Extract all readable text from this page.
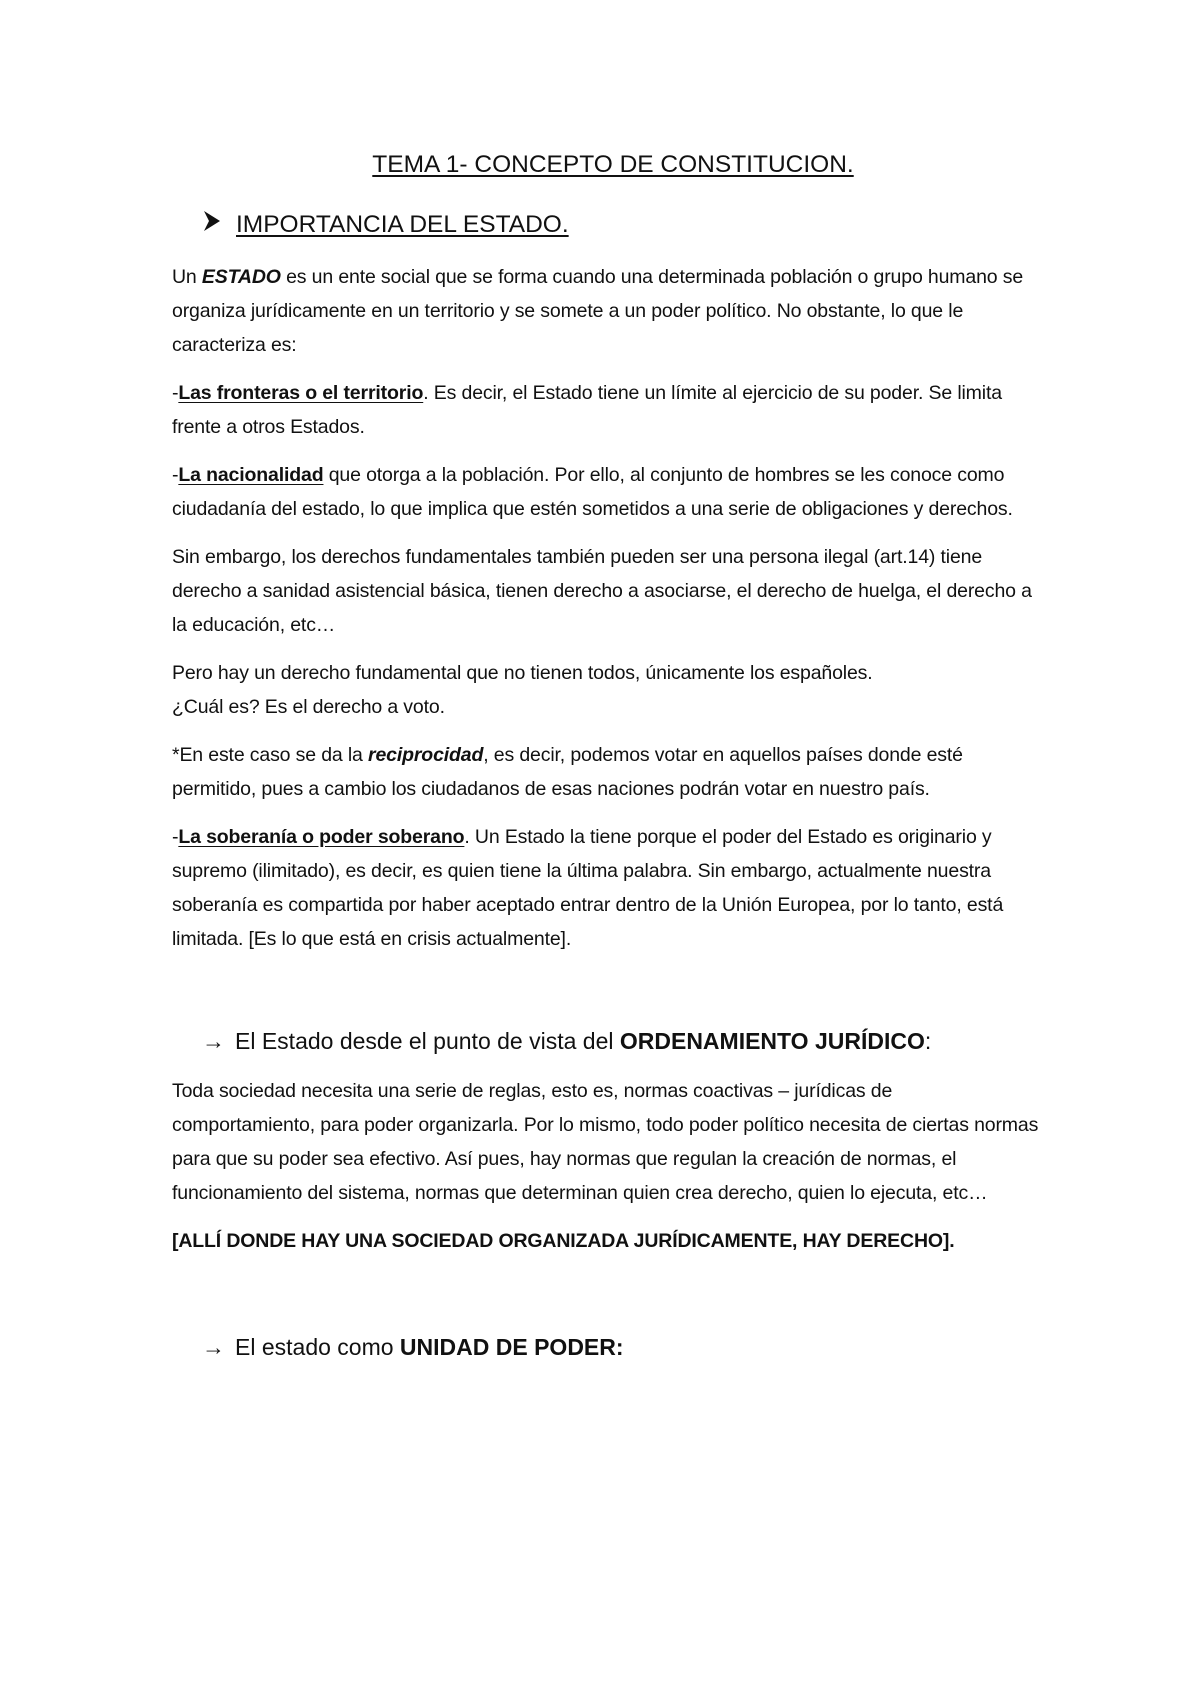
TEMA 1- CONCEPTO DE CONSTITUCION.
IMPORTANCIA DEL ESTADO.

Un ESTADO es un ente social que se forma cuando una determinada población o grupo humano se organiza jurídicamente en un territorio y se somete a un poder político. No obstante, lo que le caracteriza es:

-Las fronteras o el territorio. Es decir, el Estado tiene un límite al ejercicio de su poder. Se limita frente a otros Estados.

-La nacionalidad que otorga a la población. Por ello, al conjunto de hombres se les conoce como ciudadanía del estado, lo que implica que estén sometidos a una serie de obligaciones y derechos.

Sin embargo, los derechos fundamentales también pueden ser una persona ilegal (art.14) tiene derecho a sanidad asistencial básica, tienen derecho a asociarse, el derecho de huelga, el derecho a la educación, etc…

Pero hay un derecho fundamental que no tienen todos, únicamente los españoles.
¿Cuál es? Es el derecho a voto.

*En este caso se da la reciprocidad, es decir, podemos votar en aquellos países donde esté permitido, pues a cambio los ciudadanos de esas naciones podrán votar en nuestro país.

-La soberanía o poder soberano. Un Estado la tiene porque el poder del Estado es originario y supremo (ilimitado), es decir, es quien tiene la última palabra. Sin embargo, actualmente nuestra soberanía es compartida por haber aceptado entrar dentro de la Unión Europea, por lo tanto, está limitada. [Es lo que está en crisis actualmente].

→ El Estado desde el punto de vista del ORDENAMIENTO JURÍDICO:

Toda sociedad necesita una serie de reglas, esto es, normas coactivas – jurídicas de comportamiento, para poder organizarla. Por lo mismo, todo poder político necesita de ciertas normas para que su poder sea efectivo. Así pues, hay normas que regulan la creación de normas, el funcionamiento del sistema, normas que determinan quien crea derecho, quien lo ejecuta, etc…

[ALLÍ DONDE HAY UNA SOCIEDAD ORGANIZADA JURÍDICAMENTE, HAY DERECHO].

→ El estado como UNIDAD DE PODER:
